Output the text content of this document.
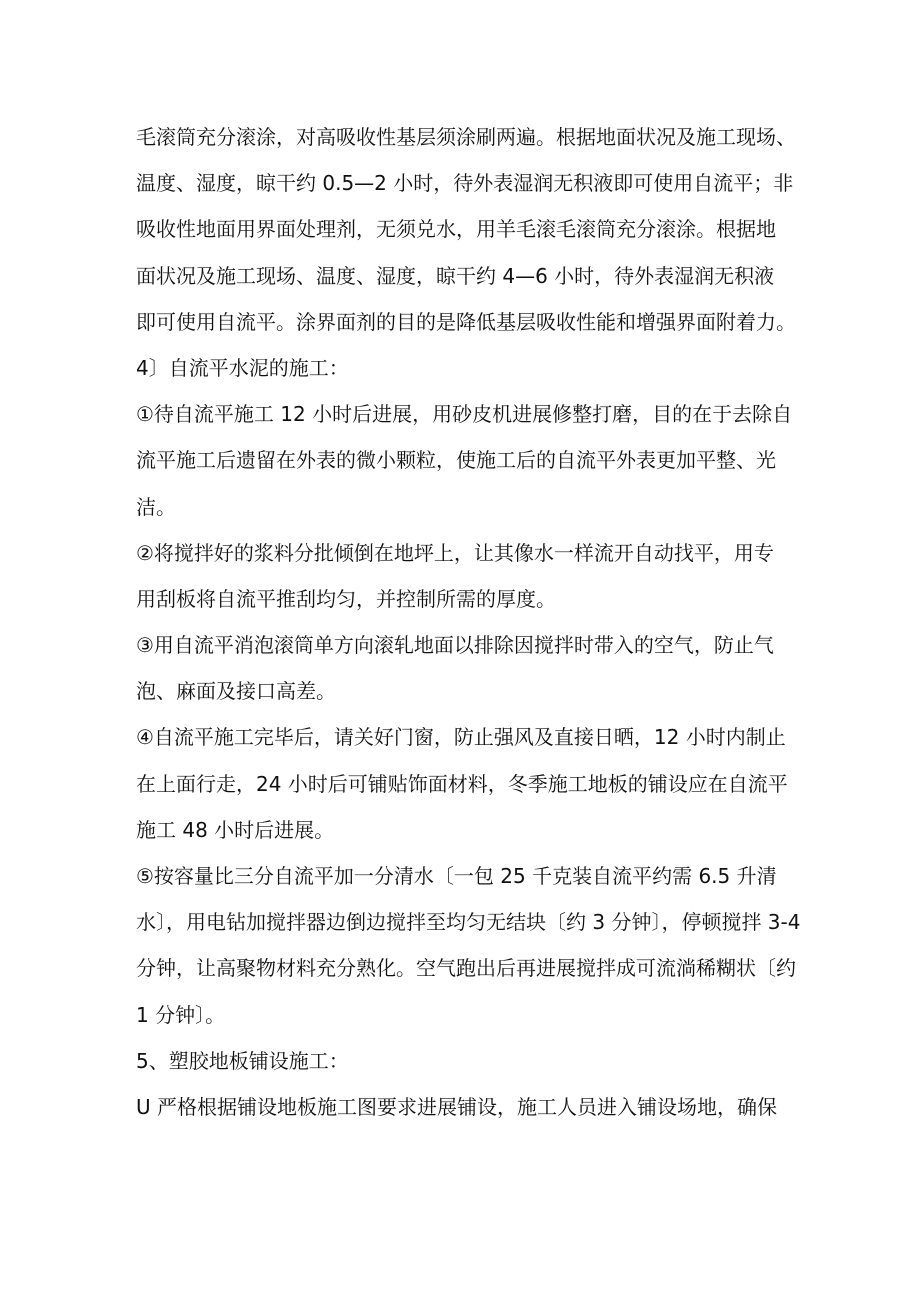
毛滚筒充分滚涂，对高吸收性基层须涂刷两遍。根据地面状况及施工现场、
温度、湿度，晾干约 0.5—2 小时，待外表湿润无积液即可使用自流平；非
吸收性地面用界面处理剂，无须兑水，用羊毛滚毛滚筒充分滚涂。根据地
面状况及施工现场、温度、湿度，晾干约 4—6 小时，待外表湿润无积液
即可使用自流平。涂界面剂的目的是降低基层吸收性能和增强界面附着力。
4〕自流平水泥的施工：
①待自流平施工 12 小时后进展，用砂皮机进展修整打磨，目的在于去除自
流平施工后遗留在外表的微小颗粒，使施工后的自流平外表更加平整、光
洁。
②将搅拌好的浆料分批倾倒在地坪上，让其像水一样流开自动找平，用专
用刮板将自流平推刮均匀，并控制所需的厚度。
③用自流平消泡滚筒单方向滚轧地面以排除因搅拌时带入的空气，防止气
泡、麻面及接口高差。
④自流平施工完毕后，请关好门窗，防止强风及直接日晒，12 小时内制止
在上面行走，24 小时后可铺贴饰面材料，冬季施工地板的铺设应在自流平
施工 48 小时后进展。
⑤按容量比三分自流平加一分清水〔一包 25 千克装自流平约需 6.5 升清
水〕，用电钻加搅拌器边倒边搅拌至均匀无结块〔约 3 分钟〕，停顿搅拌 3-4
分钟，让高聚物材料充分熟化。空气跑出后再进展搅拌成可流淌稀糊状〔约
1 分钟〕。
5、塑胶地板铺设施工：
U 严格根据铺设地板施工图要求进展铺设，施工人员进入铺设场地，确保
